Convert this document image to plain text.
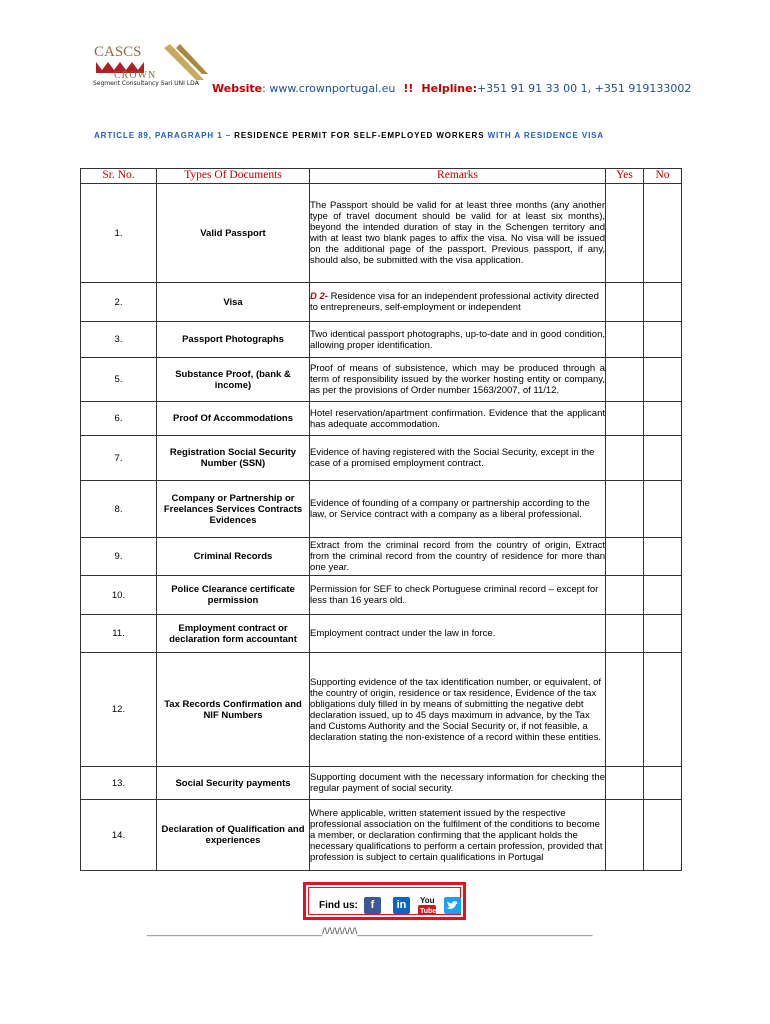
CASCS
CROWN
Segment Consultancy Sari UNI LDA Website: www.crownportugal.eu !! Helpline:+351 91 91 33 00 1, +351 919133002
ARTICLE 89, PARAGRAPH 1 – RESIDENCE PERMIT FOR SELF-EMPLOYED WORKERS WITH A RESIDENCE VISA
Sr. No.	Types Of Documents	Remarks	Yes	No
1.	Valid Passport	The Passport should be valid for at least three months (any another type of travel document should be valid for at least six months), beyond the intended duration of stay in the Schengen territory and with at least two blank pages to affix the visa. No visa will be issued on the additional page of the passport. Previous passport, if any, should also, be submitted with the visa application.		
2.	Visa	D 2- Residence visa for an independent professional activity directed to entrepreneurs, self-employment or independent		
3.	Passport Photographs	Two identical passport photographs, up-to-date and in good condition, allowing proper identification.		
5.	Substance Proof, (bank & income)	Proof of means of subsistence, which may be produced through a term of responsibility issued by the worker hosting entity or company, as per the provisions of Order number 1563/2007, of 11/12.		
6.	Proof Of Accommodations	Hotel reservation/apartment confirmation. Evidence that the applicant has adequate accommodation.		
7.	Registration Social Security Number (SSN)	Evidence of having registered with the Social Security, except in the case of a promised employment contract.		
8.	Company or Partnership or Freelances Services Contracts Evidences	Evidence of founding of a company or partnership according to the law, or Service contract with a company as a liberal professional.		
9.	Criminal Records	Extract from the criminal record from the country of origin, Extract from the criminal record from the country of residence for more than one year.		
10.	Police Clearance certificate permission	Permission for SEF to check Portuguese criminal record – except for less than 16 years old.		
11.	Employment contract or declaration form accountant	Employment contract under the law in force.		
12.	Tax Records Confirmation and NIF Numbers	Supporting evidence of the tax identification number, or equivalent, of the country of origin, residence or tax residence, Evidence of the tax obligations duly filled in by means of submitting the negative debt declaration issued, up to 45 days maximum in advance, by the Tax and Customs Authority and the Social Security or, if not feasible, a declaration stating the non-existence of a record within these entities.		
13.	Social Security payments	Supporting document with the necessary information for checking the regular payment of social security.		
14.	Declaration of Qualification and experiences	Where applicable, written statement issued by the respective professional association on the fulfilment of the conditions to become a member, or declaration confirming that the applicant holds the necessary qualifications to perform a certain profession, provided that profession is subject to certain qualifications in Portugal		
Find us:	f	in	You
Tube
___________________________________/\/\/\/\/\/\/\_______________________________________________
